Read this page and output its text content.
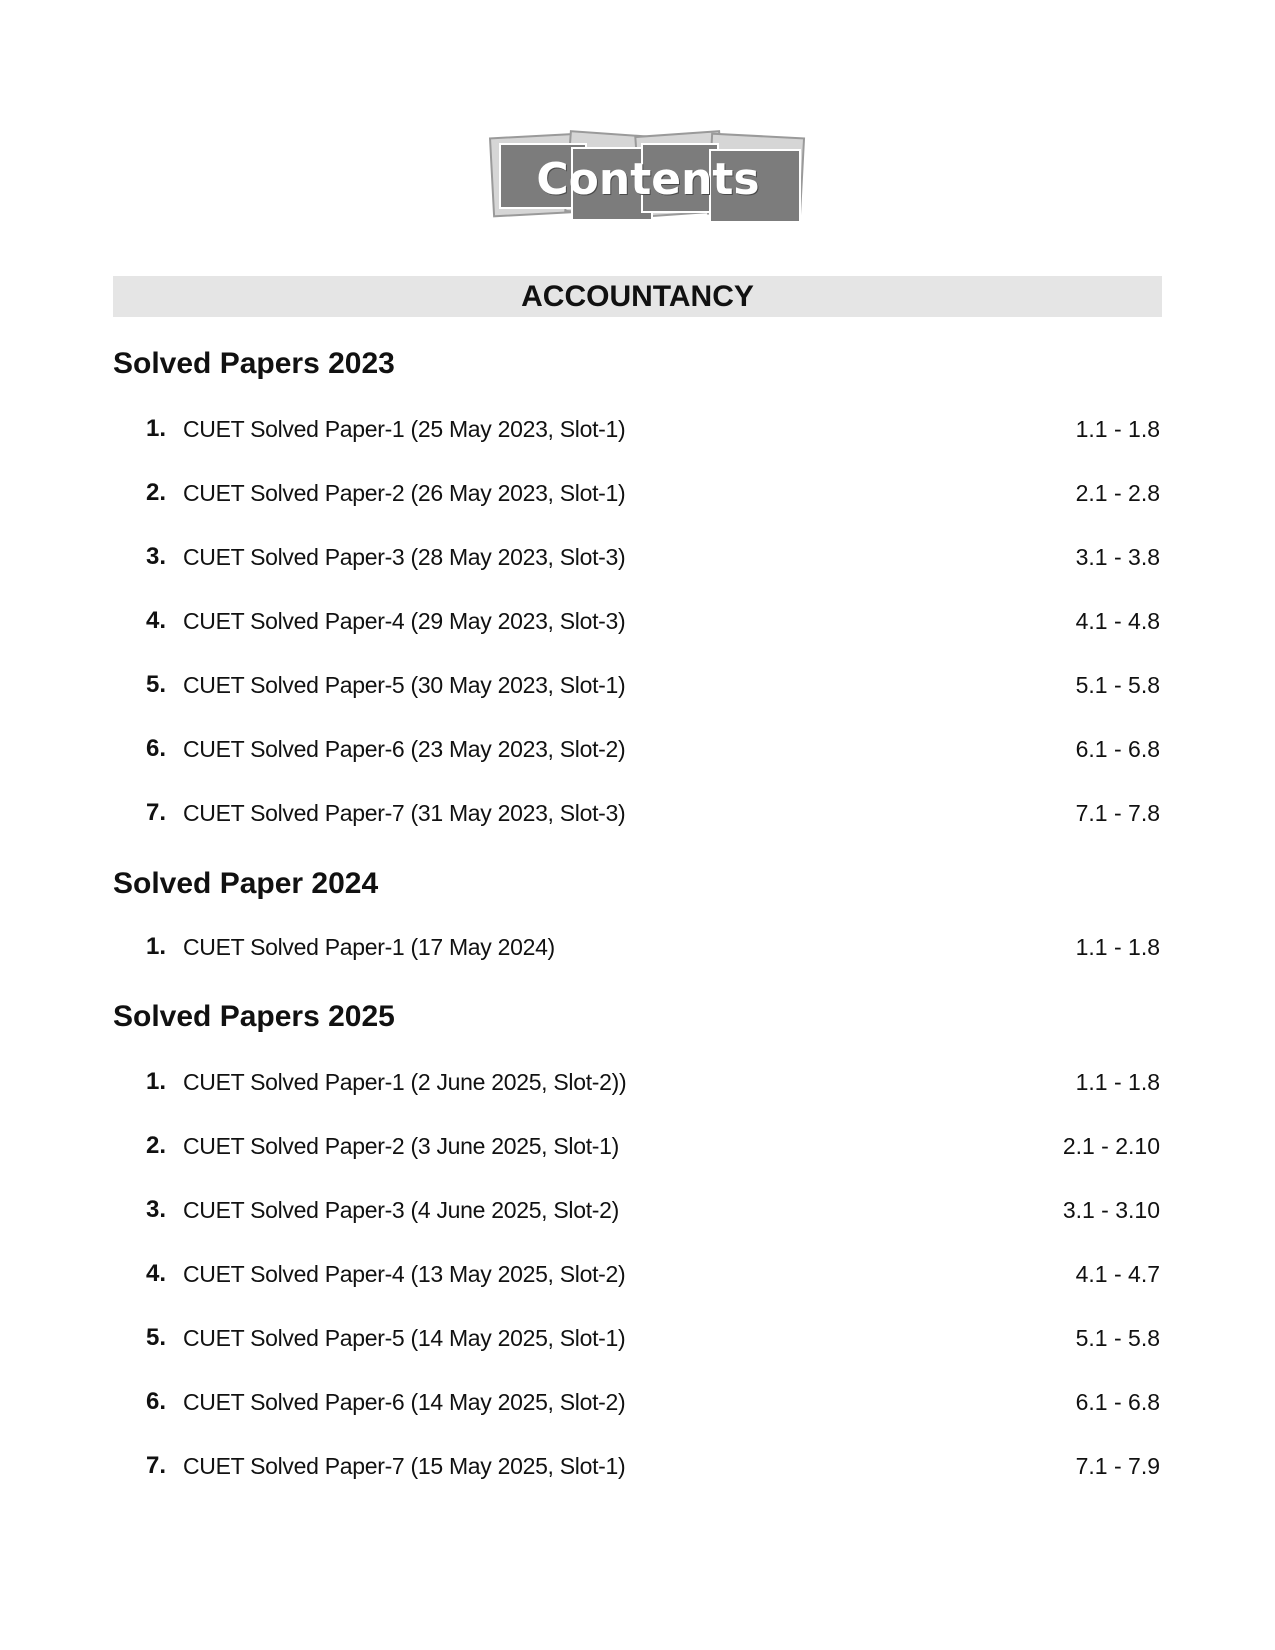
Contents
ACCOUNTANCY
Solved Papers 2023
1. CUET Solved Paper-1 (25 May 2023, Slot-1)	1.1 - 1.8
2. CUET Solved Paper-2 (26 May 2023, Slot-1)	2.1 - 2.8
3. CUET Solved Paper-3 (28 May 2023, Slot-3)	3.1 - 3.8
4. CUET Solved Paper-4 (29 May 2023, Slot-3)	4.1 - 4.8
5. CUET Solved Paper-5 (30 May 2023, Slot-1)	5.1 - 5.8
6. CUET Solved Paper-6 (23 May 2023, Slot-2)	6.1 - 6.8
7. CUET Solved Paper-7 (31 May 2023, Slot-3)	7.1 - 7.8
Solved Paper 2024
1. CUET Solved Paper-1 (17 May 2024)	1.1 - 1.8
Solved Papers 2025
1. CUET Solved Paper-1 (2 June 2025, Slot-2))	1.1 - 1.8
2. CUET Solved Paper-2 (3 June 2025, Slot-1)	2.1 - 2.10
3. CUET Solved Paper-3 (4 June 2025, Slot-2)	3.1 - 3.10
4. CUET Solved Paper-4 (13 May 2025, Slot-2)	4.1 - 4.7
5. CUET Solved Paper-5 (14 May 2025, Slot-1)	5.1 - 5.8
6. CUET Solved Paper-6 (14 May 2025, Slot-2)	6.1 - 6.8
7. CUET Solved Paper-7 (15 May 2025, Slot-1)	7.1 - 7.9
